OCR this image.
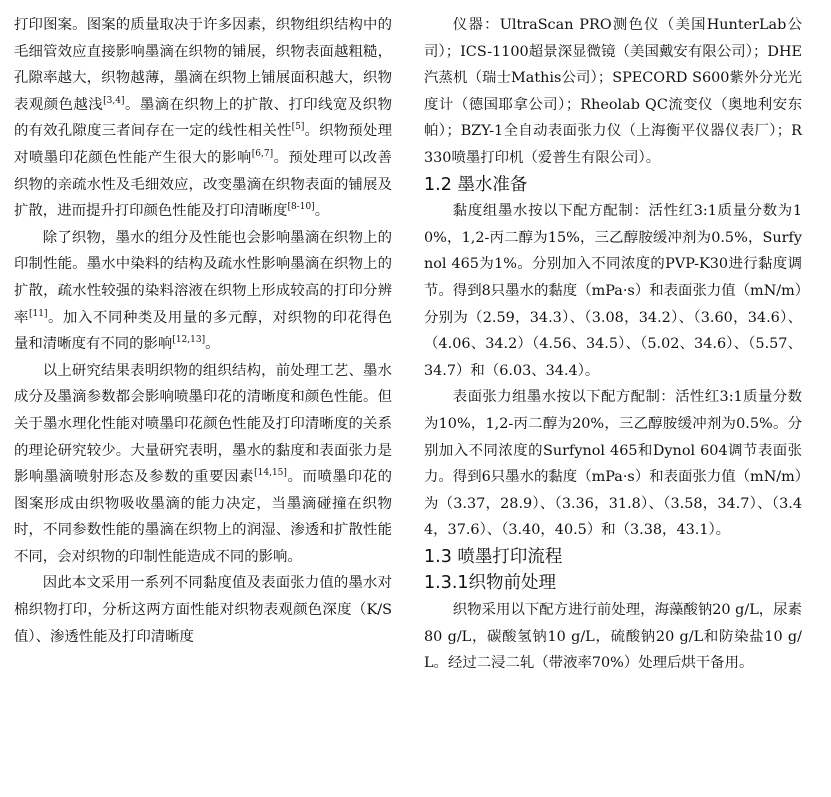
打印图案。图案的质量取决于许多因素，织物组织结构中的毛细管效应直接影响墨滴在织物的铺展，织物表面越粗糙，孔隙率越大，织物越薄，墨滴在织物上铺展面积越大，织物表观颜色越浅[3,4]。墨滴在织物上的扩散、打印线宽及织物的有效孔隙度三者间存在一定的线性相关性[5]。织物预处理对喷墨印花颜色性能产生很大的影响[6,7]。预处理可以改善织物的亲疏水性及毛细效应，改变墨滴在织物表面的铺展及扩散，进而提升打印颜色性能及打印清晰度[8-10]。

除了织物，墨水的组分及性能也会影响墨滴在织物上的印制性能。墨水中染料的结构及疏水性影响墨滴在织物上的扩散，疏水性较强的染料溶液在织物上形成较高的打印分辨率[11]。加入不同种类及用量的多元醇，对织物的印花得色量和清晰度有不同的影响[12,13]。

以上研究结果表明织物的组织结构，前处理工艺、墨水成分及墨滴参数都会影响喷墨印花的清晰度和颜色性能。但关于墨水理化性能对喷墨印花颜色性能及打印清晰度的关系的理论研究较少。大量研究表明，墨水的黏度和表面张力是影响墨滴喷射形态及参数的重要因素[14,15]。而喷墨印花的图案形成由织物吸收墨滴的能力决定，当墨滴碰撞在织物时，不同参数性能的墨滴在织物上的润湿、渗透和扩散性能不同，会对织物的印制性能造成不同的影响。

因此本文采用一系列不同黏度值及表面张力值的墨水对棉织物打印，分析这两方面性能对织物表观颜色深度（K/S值）、渗透性能及打印清晰度

仪器：UltraScan PRO测色仪（美国HunterLab公司）；ICS-1100超景深显微镜（美国戴安有限公司）；DHE汽蒸机（瑞士Mathis公司）；SPECORD S600紫外分光光度计（德国耶拿公司）；Rheolab QC流变仪（奥地利安东帕）；BZY-1全自动表面张力仪（上海衡平仪器仪表厂）；R330喷墨打印机（爱普生有限公司）。

1.2 墨水准备

黏度组墨水按以下配方配制：活性红3:1质量分数为10%，1,2-丙二醇为15%，三乙醇胺缓冲剂为0.5%，Surfynol 465为1%。分别加入不同浓度的PVP-K30进行黏度调节。得到8只墨水的黏度（mPa·s）和表面张力值（mN/m）分别为（2.59，34.3）、（3.08，34.2）、（3.60，34.6）、（4.06、34.2）（4.56、34.5）、（5.02、34.6）、（5.57、34.7）和（6.03、34.4）。

表面张力组墨水按以下配方配制：活性红3:1质量分数为10%，1,2-丙二醇为20%，三乙醇胺缓冲剂为0.5%。分别加入不同浓度的Surfynol 465和Dynol 604调节表面张力。得到6只墨水的黏度（mPa·s）和表面张力值（mN/m）为（3.37，28.9）、（3.36，31.8）、（3.58，34.7）、（3.44，37.6）、（3.40，40.5）和（3.38，43.1）。

1.3 喷墨打印流程
1.3.1织物前处理

织物采用以下配方进行前处理，海藻酸钠20 g/L，尿素80 g/L，碳酸氢钠10 g/L，硫酸钠20 g/L和防染盐10 g/L。经过二浸二轧（带液率70%）处理后烘干备用。
